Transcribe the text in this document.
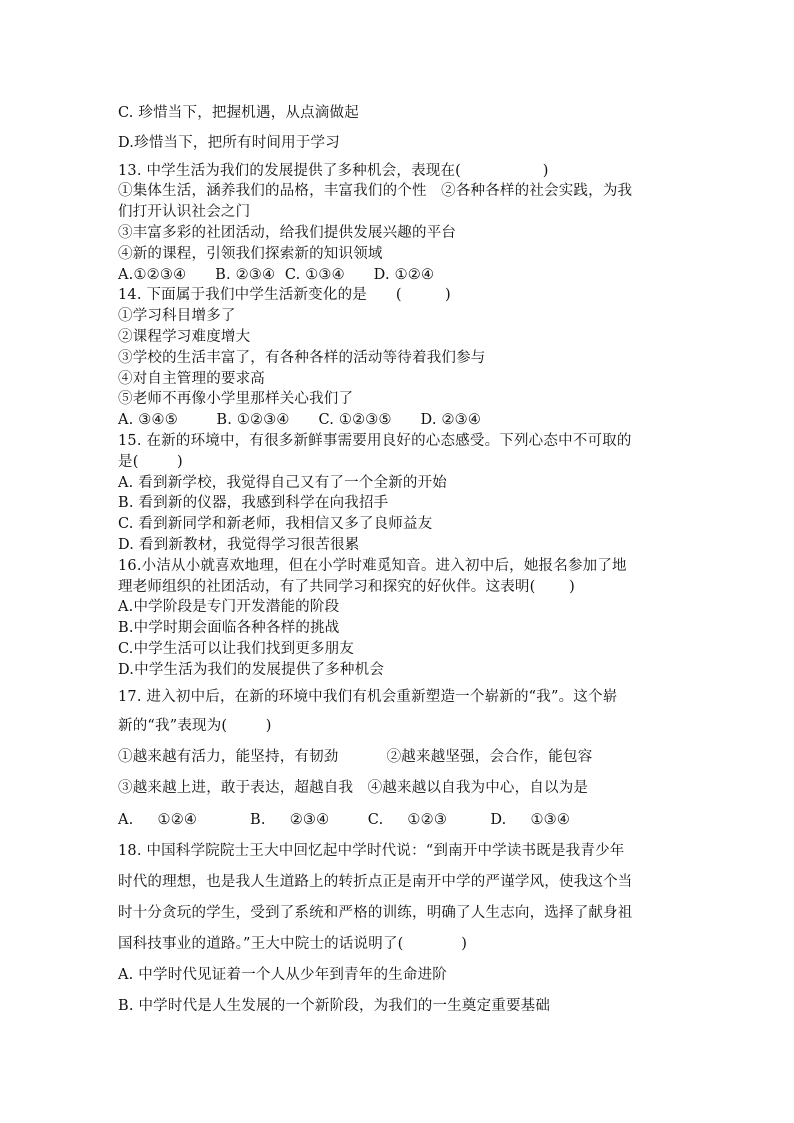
C. 珍惜当下，把握机遇，从点滴做起
D.珍惜当下，把所有时间用于学习
13. 中学生活为我们的发展提供了多种机会，表现在(                 )
①集体生活，涵养我们的品格，丰富我们的个性   ②各种各样的社会实践，为我
们打开认识社会之门
③丰富多彩的社团活动，给我们提供发展兴趣的平台
④新的课程，引领我们探索新的知识领域
A.①②③④      B. ②③④  C. ①③④      D. ①②④
14. 下面属于我们中学生活新变化的是      (         )
①学习科目增多了
②课程学习难度增大
③学校的生活丰富了，有各种各样的活动等待着我们参与
④对自主管理的要求高
⑤老师不再像小学里那样关心我们了
A. ③④⑤        B. ①②③④      C. ①②③⑤      D. ②③④
15. 在新的环境中，有很多新鲜事需要用良好的心态感受。下列心态中不可取的
是(        )
A. 看到新学校，我觉得自己又有了一个全新的开始
B. 看到新的仪器，我感到科学在向我招手
C. 看到新同学和新老师，我相信又多了良师益友
D. 看到新教材，我觉得学习很苦很累
16.小洁从小就喜欢地理，但在小学时难觅知音。进入初中后，她报名参加了地
理老师组织的社团活动，有了共同学习和探究的好伙伴。这表明(       )
A.中学阶段是专门开发潜能的阶段
B.中学时期会面临各种各样的挑战
C.中学生活可以让我们找到更多朋友
D.中学生活为我们的发展提供了多种机会
17. 进入初中后，在新的环境中我们有机会重新塑造一个崭新的“我”。这个崭
新的“我”表现为(        )
①越来越有活力，能坚持，有韧劲          ②越来越坚强，会合作，能包容
③越来越上进，敢于表达，超越自我   ④越来越以自我为中心，自以为是
A.     ①②④           B.     ②③④        C.     ①②③         D.     ①③④
18. 中国科学院院士王大中回忆起中学时代说：“到南开中学读书既是我青少年
时代的理想，也是我人生道路上的转折点正是南开中学的严谨学风，使我这个当
时十分贪玩的学生，受到了系统和严格的训练，明确了人生志向，选择了献身祖
国科技事业的道路。”王大中院士的话说明了(            )
A. 中学时代见证着一个人从少年到青年的生命进阶
B. 中学时代是人生发展的一个新阶段，为我们的一生奠定重要基础
